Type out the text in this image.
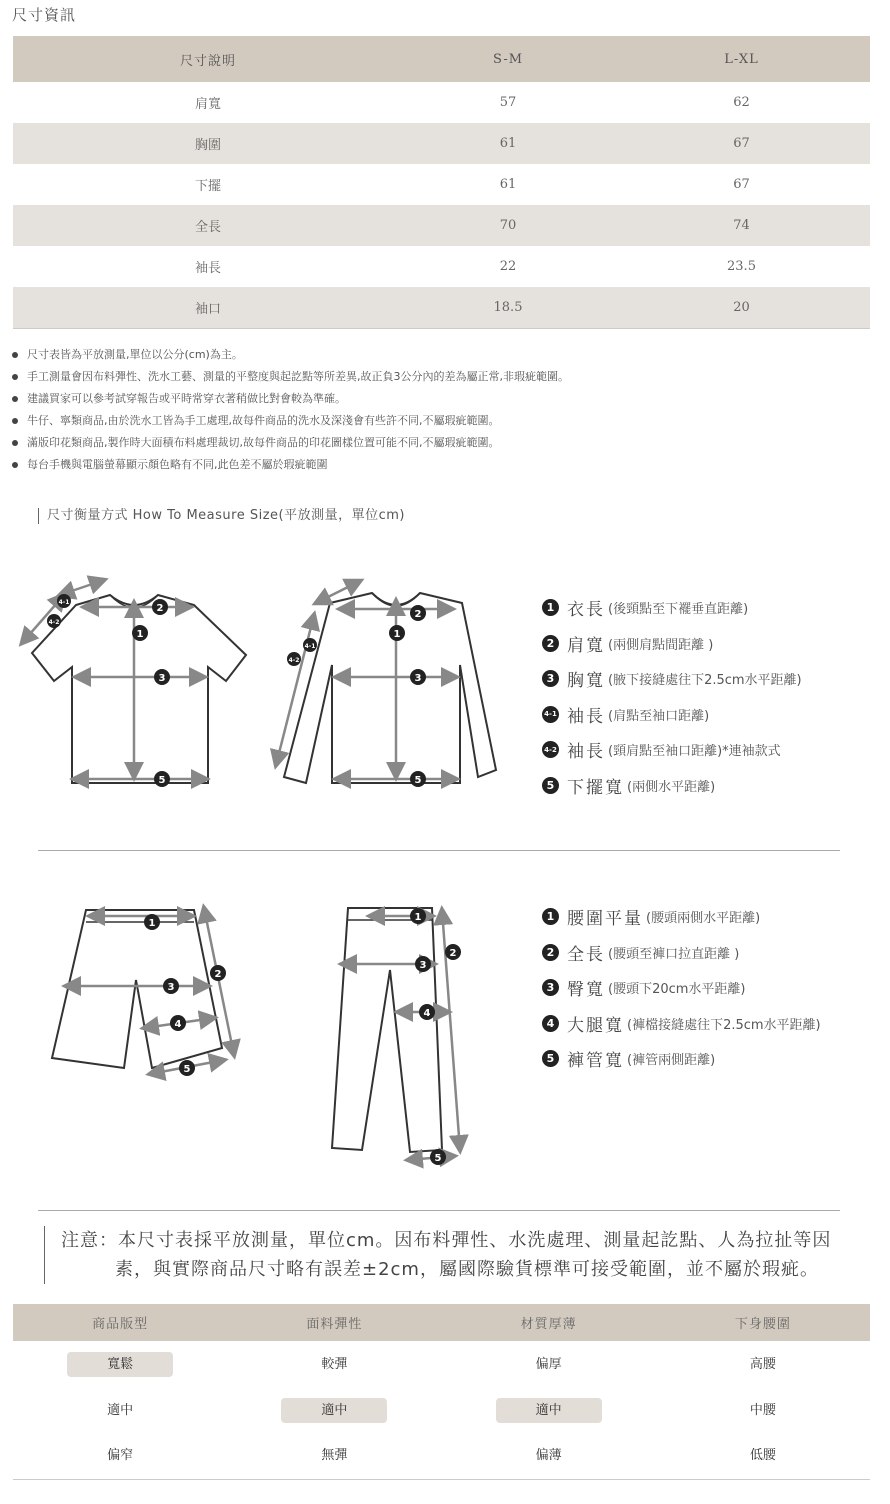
尺寸資訊
尺寸說明	S-M	L-XL
肩寬	57	62
胸圍	61	67
下擺	61	67
全長	70	74
袖長	22	23.5
袖口	18.5	20
尺寸表皆為平放測量,單位以公分(cm)為主。
手工測量會因布料彈性、洗水工藝、測量的平整度與起訖點等所差異,故正負3公分內的差為屬正常,非瑕疵範圍。
建議買家可以參考試穿報告或平時常穿衣著稍做比對會較為準確。
牛仔、寧類商品,由於洗水工皆為手工處理,故每件商品的洗水及深淺會有些許不同,不屬瑕疵範圍。
滿版印花類商品,製作時大面積布料處理裁切,故每件商品的印花圖樣位置可能不同,不屬瑕疵範圍。
每台手機與電腦螢幕顯示顏色略有不同,此色差不屬於瑕疵範圍
尺寸衡量方式 How To Measure Size(平放測量，單位cm)
2
1
3
5
4-1
4-2
2
1
3
5
4-1
4-2
1 衣長 (後頸點至下襬垂直距離)
2 肩寬 (兩側肩點間距離 )
3 胸寬 (腋下接縫處往下2.5cm水平距離)
4-1 袖長 (肩點至袖口距離)
4-2 袖長 (頸肩點至袖口距離)*連袖款式
5 下擺寬 (兩側水平距離)
1
2
3
4
5
1
2
3
4
5
1 腰圍平量 (腰頭兩側水平距離)
2 全長 (腰頭至褲口拉直距離 )
3 臀寬 (腰頭下20cm水平距離)
4 大腿寬 (褲檔接縫處往下2.5cm水平距離)
5 褲管寬 (褲管兩側距離)
注意：本尺寸表採平放測量，單位cm。因布料彈性、水洗處理、測量起訖點、人為拉扯等因
素，與實際商品尺寸略有誤差±2cm，屬國際驗貨標準可接受範圍，並不屬於瑕疵。
商品版型	面料彈性	材質厚薄	下身腰圍
寬鬆	較彈	偏厚	高腰
適中	適中	適中	中腰
偏窄	無彈	偏薄	低腰
